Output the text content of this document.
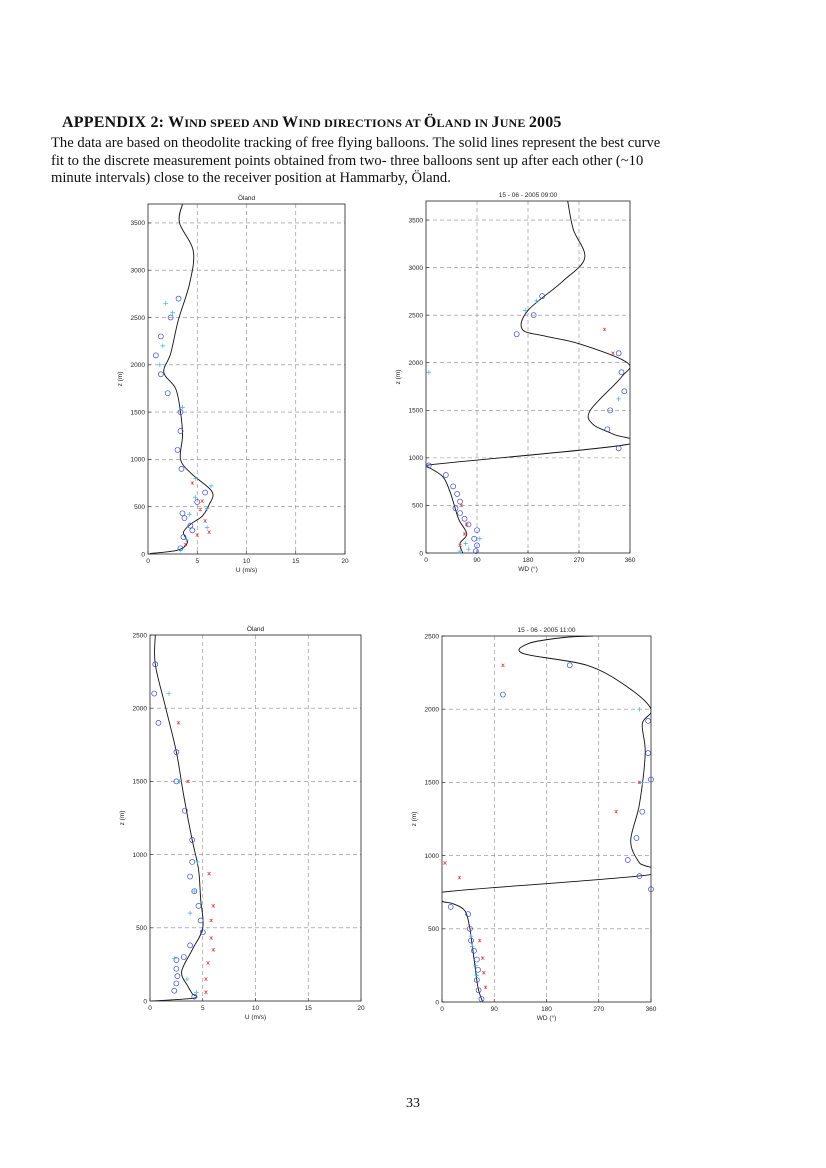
APPENDIX 2: WIND SPEED AND WIND DIRECTIONS AT ÖLAND IN JUNE 2005
The data are based on theodolite tracking of free flying balloons. The solid lines represent the best curve fit to the discrete measurement points obtained from two- three balloons sent up after each other (~10 minute intervals) close to the receiver position at Hammarby, Öland.
0	5	10	15	20
0
500
1000
1500
2000
2500
3000
3500
Öland
U (m/s)
z (m)
0	90	180	270	360
0
500
1000
1500
2000
2500
3000
3500
15 - 06 - 2005 09:00
WD (°)
z (m)
0	5	10	15	20
0
500
1000
1500
2000
2500
Öland
U (m/s)
z (m)
0	90	180	270	360
0
500
1000
1500
2000
2500
15 - 06 - 2005 11:00
WD (°)
z (m)
33
